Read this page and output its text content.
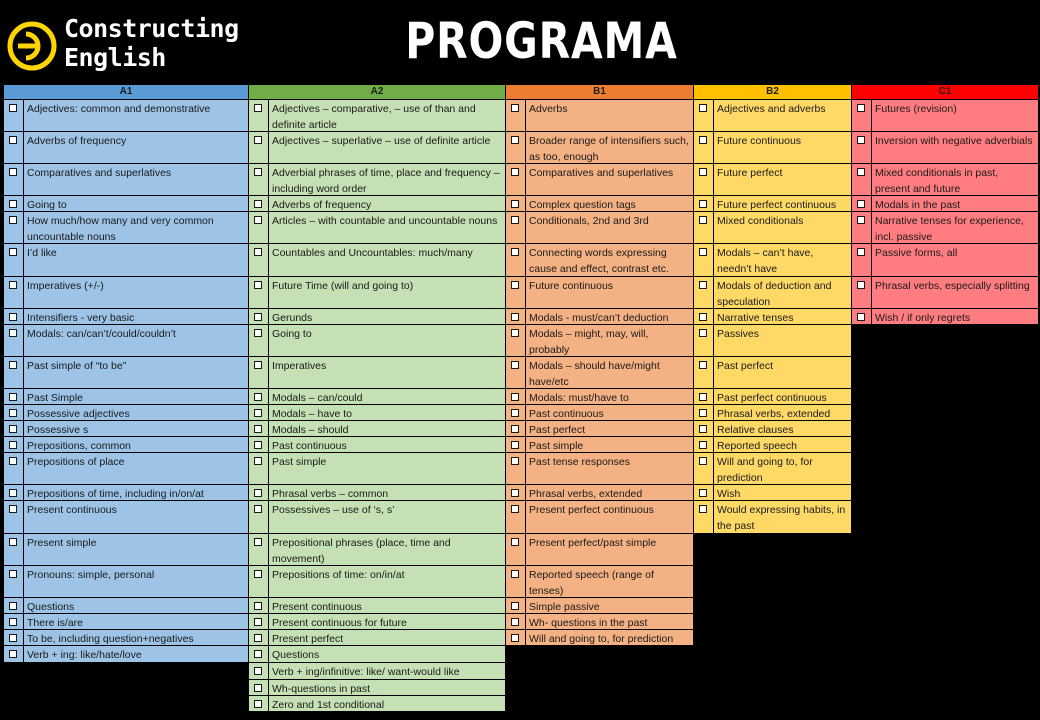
Constructing
English	PROGRAMA
A1
Adjectives: common and demonstrative
Adverbs of frequency
Comparatives and superlatives
Going to
How much/how many and very common uncountable nouns
I’d like
Imperatives (+/-)
Intensifiers - very basic
Modals: can/can’t/could/couldn’t
Past simple of “to be”
Past Simple
Possessive adjectives
Possessive s
Prepositions, common
Prepositions of place
Prepositions of time, including in/on/at
Present continuous
Present simple
Pronouns: simple, personal
Questions
There is/are
To be, including question+negatives
Verb + ing: like/hate/love
A2
Adjectives – comparative, – use of than and definite article
Adjectives – superlative – use of definite article
Adverbial phrases of time, place and frequency – including word order
Adverbs of frequency
Articles – with countable and uncountable nouns
Countables and Uncountables: much/many
Future Time (will and going to)
Gerunds
Going to
Imperatives
Modals – can/could
Modals – have to
Modals – should
Past continuous
Past simple
Phrasal verbs – common
Possessives – use of ‘s, s’
Prepositional phrases (place, time and movement)
Prepositions of time: on/in/at
Present continuous
Present continuous for future
Present perfect
Questions
Verb + ing/infinitive: like/ want-would like
Wh-questions in past
Zero and 1st conditional
B1
Adverbs
Broader range of intensifiers such, as too, enough
Comparatives and superlatives
Complex question tags
Conditionals, 2nd and 3rd
Connecting words expressing cause and effect, contrast etc.
Future continuous
Modals - must/can’t deduction
Modals – might, may, will, probably
Modals – should have/might have/etc
Modals: must/have to
Past continuous
Past perfect
Past simple
Past tense responses
Phrasal verbs, extended
Present perfect continuous
Present perfect/past simple
Reported speech (range of tenses)
Simple passive
Wh- questions in the past
Will and going to, for prediction
B2
Adjectives and adverbs
Future continuous
Future perfect
Future perfect continuous
Mixed conditionals
Modals – can’t have, needn’t have
Modals of deduction and speculation
Narrative tenses
Passives
Past perfect
Past perfect continuous
Phrasal verbs, extended
Relative clauses
Reported speech
Will and going to, for prediction
Wish
Would expressing habits, in the past
C1
Futures (revision)
Inversion with negative adverbials
Mixed conditionals in past, present and future
Modals in the past
Narrative tenses for experience, incl. passive
Passive forms, all
Phrasal verbs, especially splitting
Wish / if only regrets
